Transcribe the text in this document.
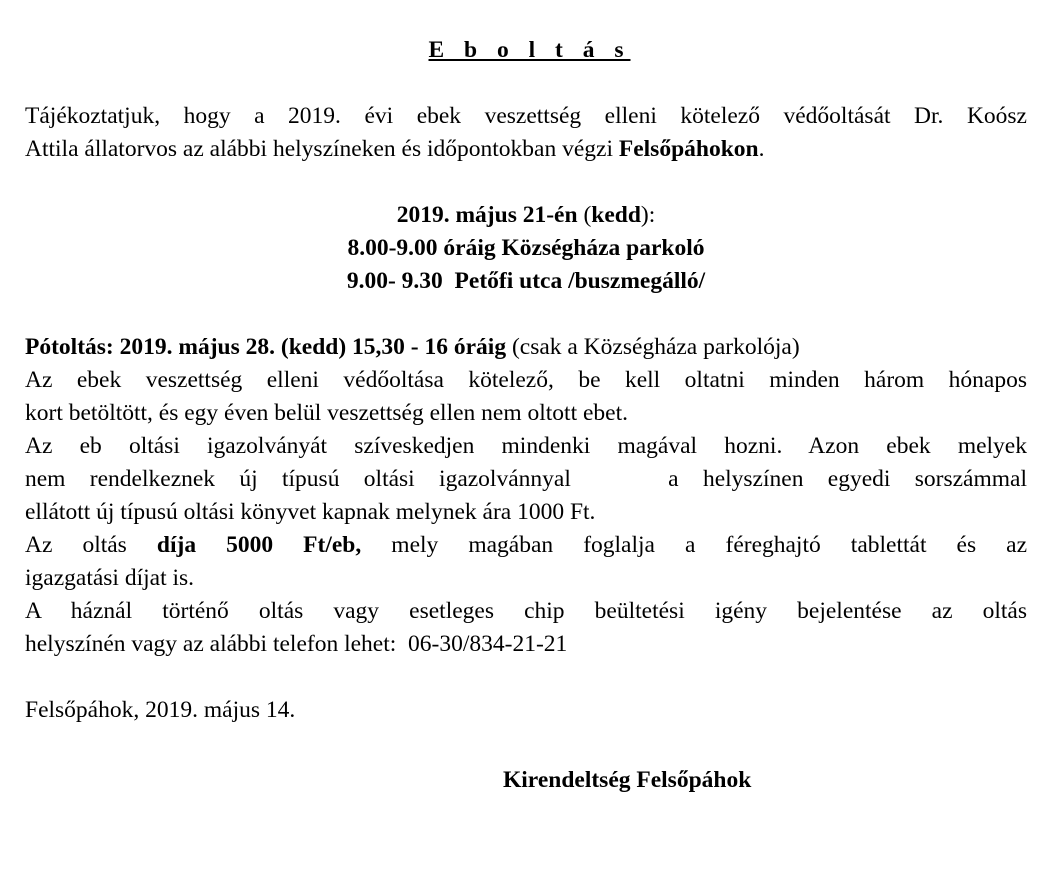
E b o l t á s

Tájékoztatjuk, hogy a 2019. évi ebek veszettség elleni kötelező védőoltását Dr. Koósz
Attila állatorvos az alábbi helyszíneken és időpontokban végzi Felsőpáhokon.

2019. május 21-én (kedd):
8.00-9.00 óráig Községháza parkoló
9.00- 9.30  Petőfi utca /buszmegálló/
Pótoltás: 2019. május 28. (kedd) 15,30 - 16 óráig (csak a Községháza parkolója)
Az ebek veszettség elleni védőoltása kötelező, be kell oltatni minden három hónapos
kort betöltött, és egy éven belül veszettség ellen nem oltott ebet.
Az eb oltási igazolványát szíveskedjen mindenki magával hozni. Azon ebek melyek
nem rendelkeznek új típusú oltási igazolvánnyal    a helyszínen egyedi sorszámmal
ellátott új típusú oltási könyvet kapnak melynek ára 1000 Ft.
Az oltás díja 5000 Ft/eb, mely magában foglalja a féreghajtó tablettát és az
igazgatási díjat is.
A háznál történő oltás vagy esetleges chip beültetési igény bejelentése az oltás
helyszínén vagy az alábbi telefon lehet:  06-30/834-21-21

Felsőpáhok, 2019. május 14.

Kirendeltség Felsőpáhok
